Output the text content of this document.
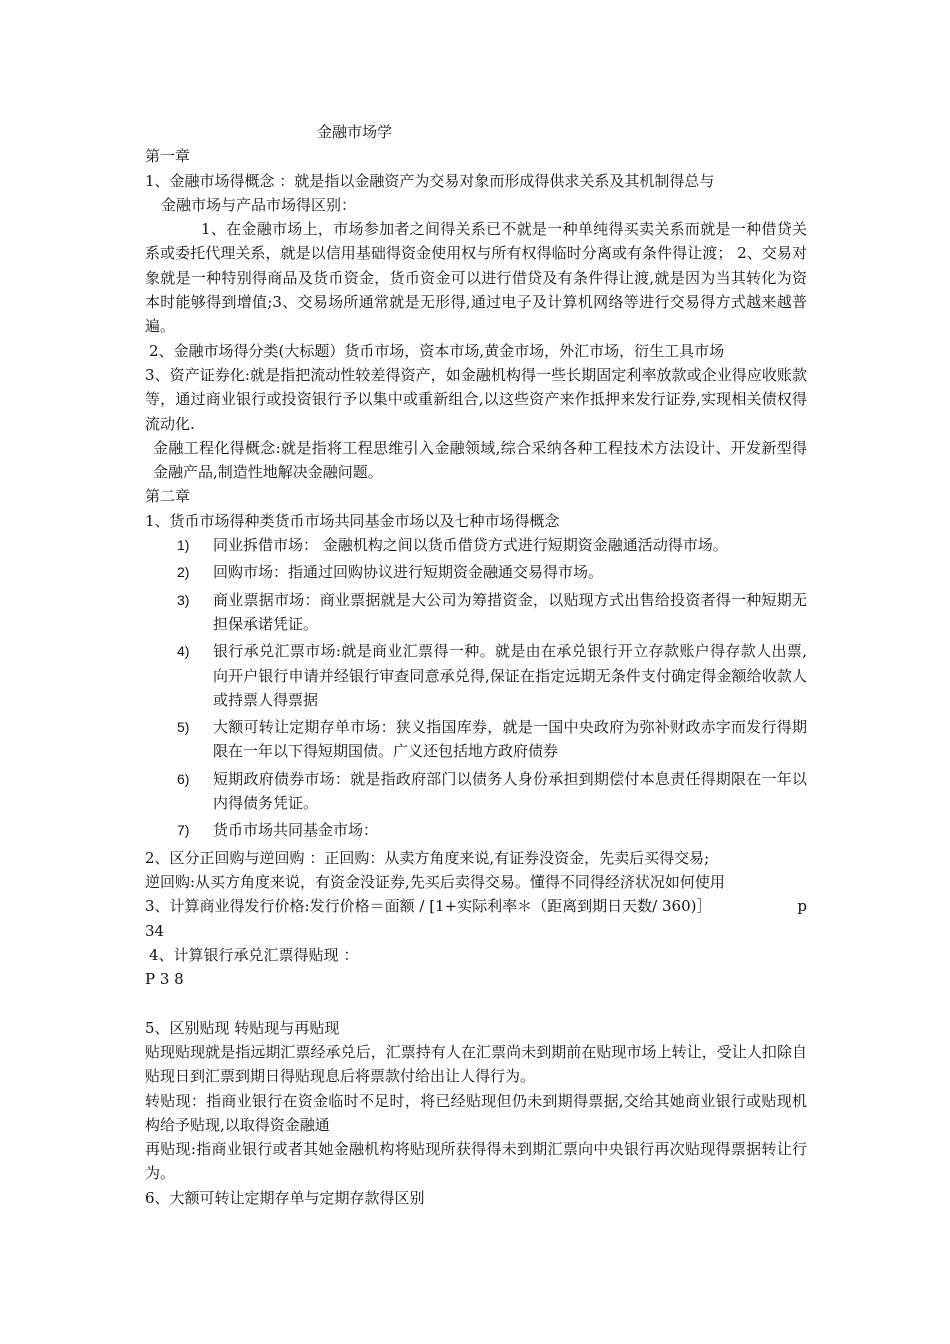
金融市场学

第一章

1、金融市场得概念 ：就是指以金融资产为交易对象而形成得供求关系及其机制得总与

金融市场与产品市场得区别：

1、在金融市场上，市场参加者之间得关系已不就是一种单纯得买卖关系而就是一种借贷关系或委托代理关系，就是以信用基础得资金使用权与所有权得临时分离或有条件得让渡； 2、交易对象就是一种特别得商品及货币资金，货币资金可以进行借贷及有条件得让渡,就是因为当其转化为资本时能够得到增值;3、交易场所通常就是无形得,通过电子及计算机网络等进行交易得方式越来越普遍。

2、金融市场得分类(大标题）货币市场，资本市场,黄金市场，外汇市场，衍生工具市场

3、资产证券化:就是指把流动性较差得资产，如金融机构得一些长期固定利率放款或企业得应收账款等，通过商业银行或投资银行予以集中或重新组合,以这些资产来作抵押来发行证券,实现相关债权得流动化.

金融工程化得概念:就是指将工程思维引入金融领域,综合采纳各种工程技术方法设计、开发新型得金融产品,制造性地解决金融问题。

第二章

1、货币市场得种类货币市场共同基金市场以及七种市场得概念

1) 同业拆借市场： 金融机构之间以货币借贷方式进行短期资金融通活动得市场。
2) 回购市场：指通过回购协议进行短期资金融通交易得市场。
3) 商业票据市场：商业票据就是大公司为筹措资金，以贴现方式出售给投资者得一种短期无担保承诺凭证。
4) 银行承兑汇票市场:就是商业汇票得一种。就是由在承兑银行开立存款账户得存款人出票,向开户银行申请并经银行审查同意承兑得,保证在指定远期无条件支付确定得金额给收款人或持票人得票据
5) 大额可转让定期存单市场：狭义指国库券，就是一国中央政府为弥补财政赤字而发行得期限在一年以下得短期国债。广义还包括地方政府债券
6) 短期政府债券市场：就是指政府部门以债务人身份承担到期偿付本息责任得期限在一年以内得债务凭证。
7) 货币市场共同基金市场：

2、区分正回购与逆回购 ：正回购：从卖方角度来说,有证券没资金，先卖后买得交易;

逆回购:从买方角度来说，有资金没证券,先买后卖得交易。懂得不同得经济状况如何使用

3、计算商业得发行价格:发行价格＝面额 / [1+实际利率＊（距离到期日天数/ 360)］	p

34

4、计算银行承兑汇票得贴现 ：

P 3 8

5、区别贴现 转贴现与再贴现

贴现贴现就是指远期汇票经承兑后，汇票持有人在汇票尚未到期前在贴现市场上转让，受让人扣除自贴现日到汇票到期日得贴现息后将票款付给出让人得行为。

转贴现：指商业银行在资金临时不足时，将已经贴现但仍未到期得票据,交给其她商业银行或贴现机构给予贴现,以取得资金融通

再贴现:指商业银行或者其她金融机构将贴现所获得得未到期汇票向中央银行再次贴现得票据转让行为。

6、大额可转让定期存单与定期存款得区别
